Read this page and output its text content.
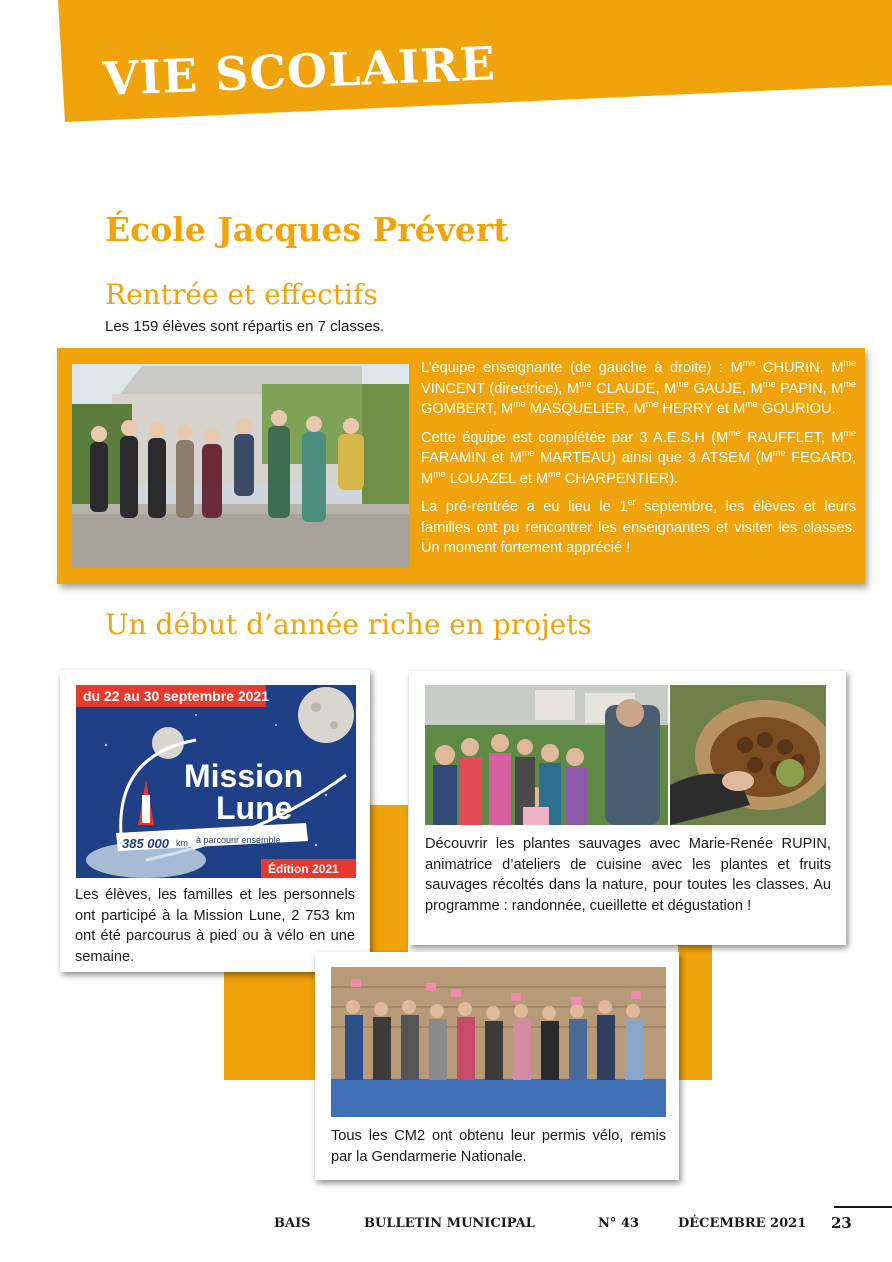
VIE SCOLAIRE
École Jacques Prévert
Rentrée et effectifs
Les 159 élèves sont répartis en 7 classes.

L’équipe enseignante (de gauche à droite) : $M^{me}$ CHURIN, $M^{me}$ VINCENT (directrice), $M^{me}$ CLAUDE, $M^{me}$ GAUJE, $M^{me}$ PAPIN, $M^{me}$ GOMBERT, $M^{me}$ MASQUELIER, $M^{me}$ HERRY et $M^{me}$ GOURIOU.

Cette équipe est complétée par 3 A.E.S.H ($M^{me}$ RAUFFLET, $M^{me}$ FARAMIN et $M^{me}$ MARTEAU) ainsi que 3 ATSEM ($M^{me}$ FEGARD, $M^{me}$ LOUAZEL et $M^{me}$ CHARPENTIER).

La pré-rentrée a eu lieu le 1er septembre, les élèves et leurs familles ont pu rencontrer les enseignantes et visiter les classes. Un moment fortement apprécié !

Un début d’année riche en projets
du 22 au 30 septembre 2021
Mission
Lune
385 000 km à parcourir ensemble
Édition 2021
Les élèves, les familles et les personnels ont participé à la Mission Lune, 2 753 km ont été parcourus à pied ou à vélo en une semaine.
Découvrir les plantes sauvages avec Marie-Renée RUPIN, animatrice d’ateliers de cuisine avec les plantes et fruits sauvages récoltés dans la nature, pour toutes les classes. Au programme : randonnée, cueillette et dégustation !
Tous les CM2 ont obtenu leur permis vélo, remis par la Gendarmerie Nationale.
BAIS	BULLETIN MUNICIPAL	N° 43	DÉCEMBRE 2021 23
